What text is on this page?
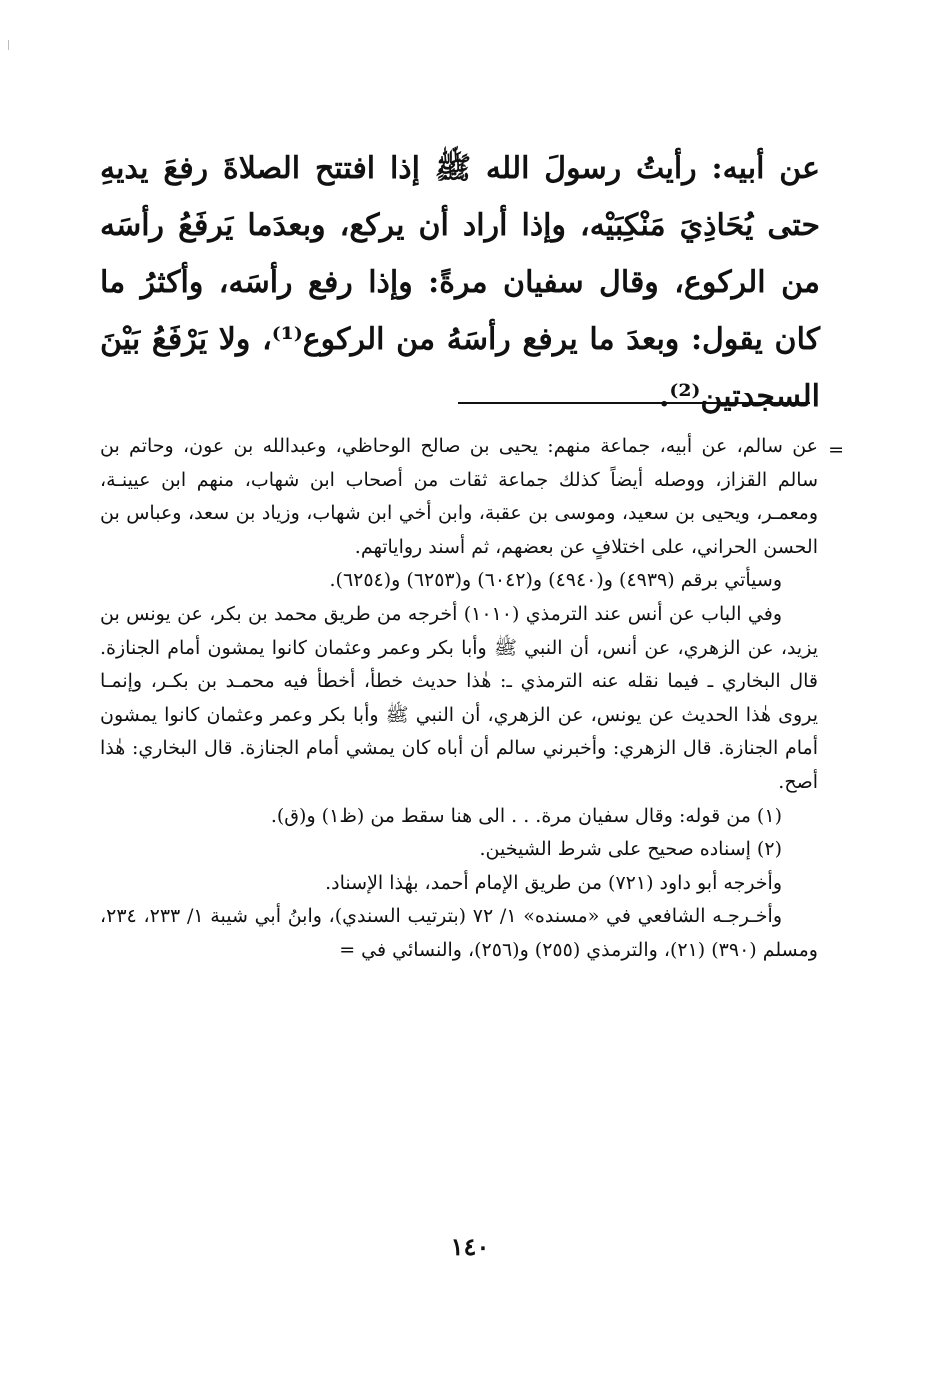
عن أبيه: رأيتُ رسولَ الله ﷺ إذا افتتح الصلاةَ رفعَ يديهِ حتى يُحَاذِيَ مَنْكِبَيْه، وإذا أراد أن يركع، وبعدَما يَرفَعُ رأسَه من الركوع، وقال سفيان مرةً: وإذا رفع رأسَه، وأكثرُ ما كان يقول: وبعدَ ما يرفع رأسَهُ من الركوع⁽¹⁾، ولا يَرْفَعُ بَيْنَ السجدتين⁽²⁾.

=
عن سالم، عن أبيه، جماعة منهم: يحيى بن صالح الوحاظي، وعبدالله بن عون، وحاتم بن سالم القزاز، ووصله أيضاً كذلك جماعة ثقات من أصحاب ابن شهاب، منهم ابن عيينـة، ومعمـر، ويحيى بن سعيد، وموسى بن عقبة، وابن أخي ابن شهاب، وزياد بن سعد، وعباس بن الحسن الحراني، على اختلافٍ عن بعضهم، ثم أسند رواياتهم.

وسيأتي برقم (٤٩٣٩) و(٤٩٤٠) و(٦٠٤٢) و(٦٢٥٣) و(٦٢٥٤).

وفي الباب عن أنس عند الترمذي (١٠١٠) أخرجه من طريق محمد بن بكر، عن يونس بن يزيد، عن الزهري، عن أنس، أن النبي ﷺ وأبا بكر وعمر وعثمان كانوا يمشون أمام الجنازة. قال البخاري ـ فيما نقله عنه الترمذي ـ: هٰذا حديث خطأ، أخطأ فيه محمـد بن بكـر، وإنمـا يروى هٰذا الحديث عن يونس، عن الزهري، أن النبي ﷺ وأبا بكر وعمر وعثمان كانوا يمشون أمام الجنازة. قال الزهري: وأخبرني سالم أن أباه كان يمشي أمام الجنازة. قال البخاري: هٰذا أصح.

(١) من قوله: وقال سفيان مرة. . . الى هنا سقط من (ظ١) و(ق).

(٢) إسناده صحيح على شرط الشيخين.

وأخرجه أبو داود (٧٢١) من طريق الإمام أحمد، بهٰذا الإسناد.

وأخـرجـه الشافعي في «مسنده» ١/ ٧٢ (بترتيب السندي)، وابنُ أبي شيبة ١/ ٢٣٣، ٢٣٤، ومسلم (٣٩٠) (٢١)، والترمذي (٢٥٥) و(٢٥٦)، والنسائي في =

١٤٠
